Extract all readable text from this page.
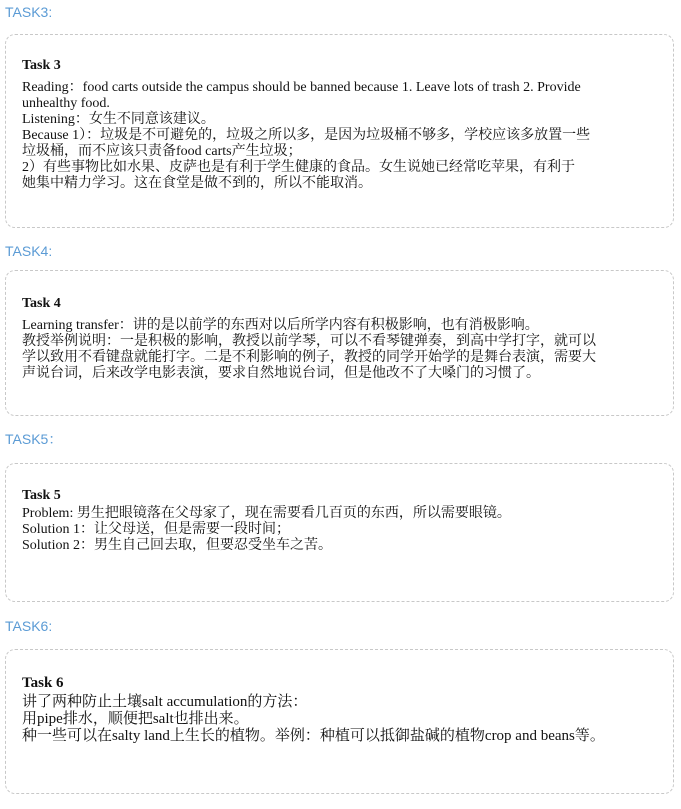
TASK3:

Task 3

Reading：food carts outside the campus should be banned because 1. Leave lots of trash 2. Provide

unhealthy food.

Listening：女生不同意该建议。

Because 1）：垃圾是不可避免的，垃圾之所以多，是因为垃圾桶不够多，学校应该多放置一些

垃圾桶，而不应该只责备food carts产生垃圾；

2）有些事物比如水果、皮萨也是有利于学生健康的食品。女生说她已经常吃苹果，有利于

她集中精力学习。这在食堂是做不到的，所以不能取消。

TASK4:

Task 4

Learning transfer：讲的是以前学的东西对以后所学内容有积极影响，也有消极影响。

教授举例说明：一是积极的影响，教授以前学琴，可以不看琴键弹奏，到高中学打字，就可以

学以致用不看键盘就能打字。二是不利影响的例子，教授的同学开始学的是舞台表演，需要大

声说台词，后来改学电影表演，要求自然地说台词，但是他改不了大嗓门的习惯了。

TASK5：

Task 5

Problem: 男生把眼镜落在父母家了，现在需要看几百页的东西，所以需要眼镜。

Solution 1：让父母送，但是需要一段时间；

Solution 2：男生自己回去取，但要忍受坐车之苦。

TASK6:

Task 6

讲了两种防止土壤salt accumulation的方法：

用pipe排水，顺便把salt也排出来。

种一些可以在salty land上生长的植物。举例：种植可以抵御盐碱的植物crop and beans等。
